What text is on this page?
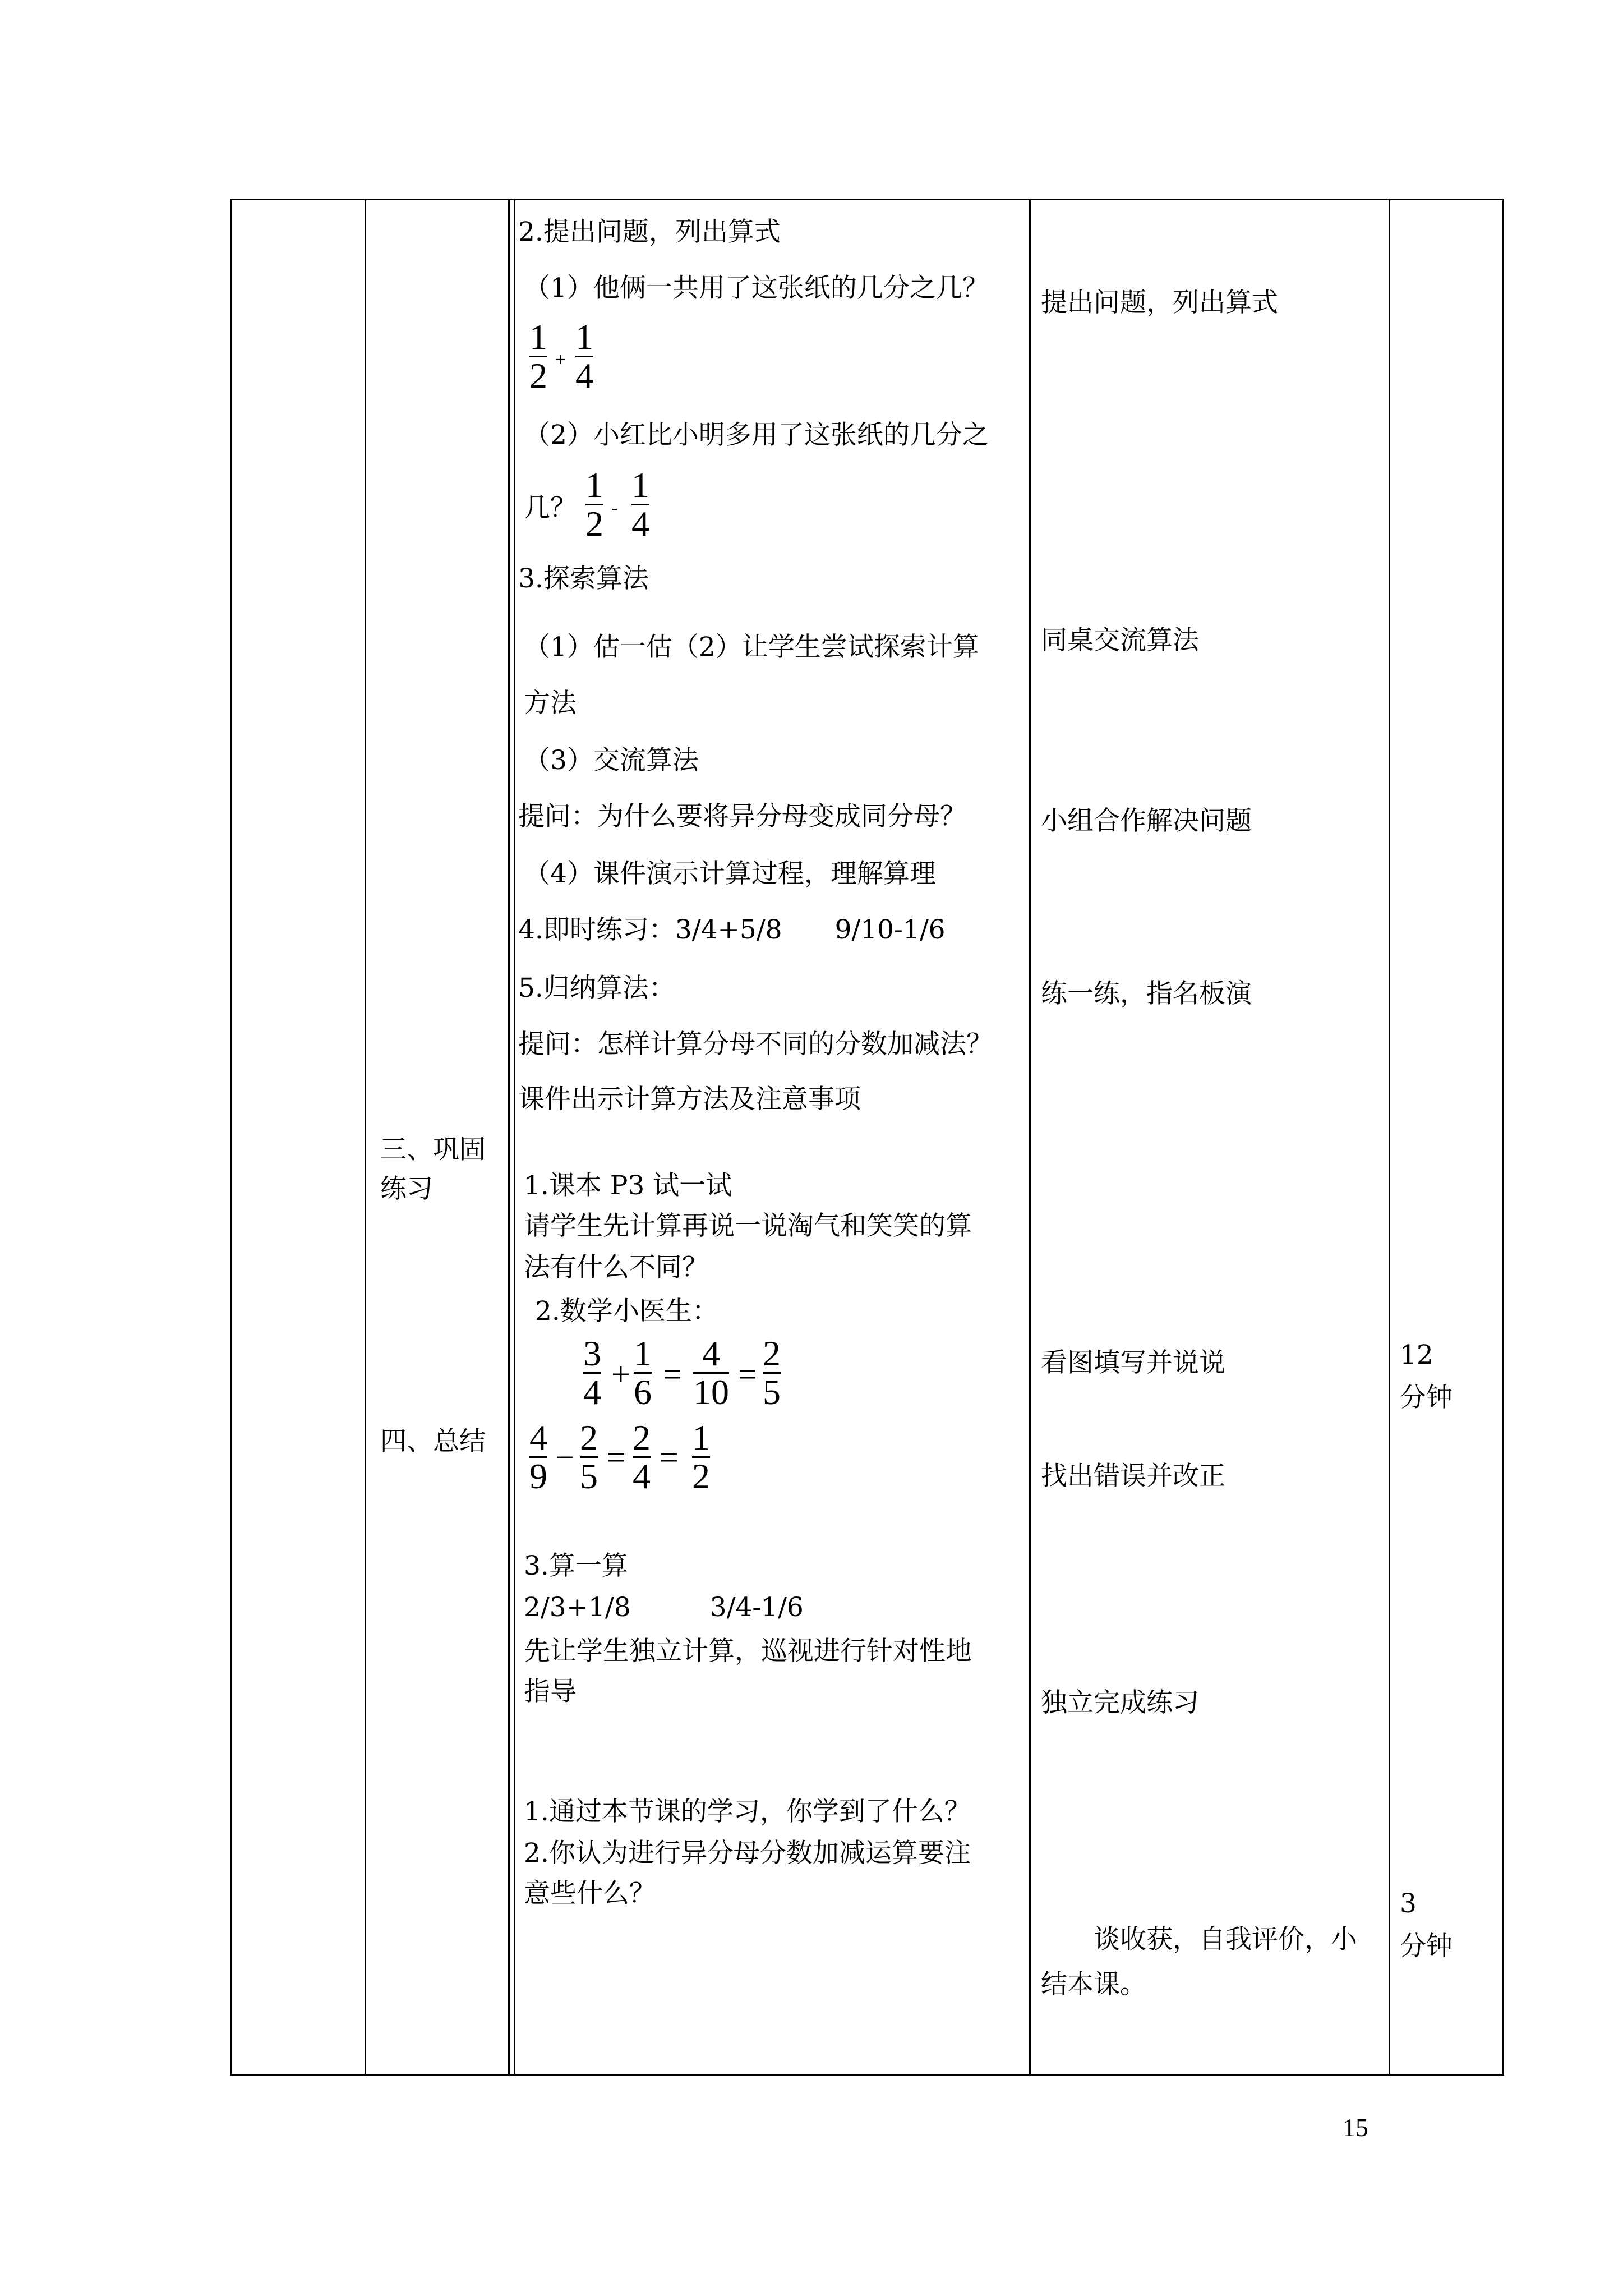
三、巩固
练习
四、总结
2.提出问题，列出算式
（1）他俩一共用了这张纸的几分之几？
1
2 +
1
4
（2）小红比小明多用了这张纸的几分之
几？
1
2 -
1
4
3.探索算法
（1）估一估（2）让学生尝试探索计算
方法
（3）交流算法
提问：为什么要将异分母变成同分母？
（4）课件演示计算过程，理解算理
4.即时练习：3/4+5/8　　9/10-1/6
5.归纳算法：
提问：怎样计算分母不同的分数加减法？
课件出示计算方法及注意事项
1.课本 P3 试一试
请学生先计算再说一说淘气和笑笑的算
法有什么不同？
2.数学小医生：
3
4 +
1
6 =
4
10 =
2
5
4
9 − 2
5 = 2
4 = 1
2
3.算一算
2/3+1/8　　　3/4-1/6
先让学生独立计算，巡视进行针对性地
指导
1.通过本节课的学习，你学到了什么？
2.你认为进行异分母分数加减运算要注
意些什么？
提出问题，列出算式
同桌交流算法
小组合作解决问题
练一练，指名板演
看图填写并说说
找出错误并改正
独立完成练习
谈收获，自我评价，小
结本课。
12
分钟
3
分钟
15
